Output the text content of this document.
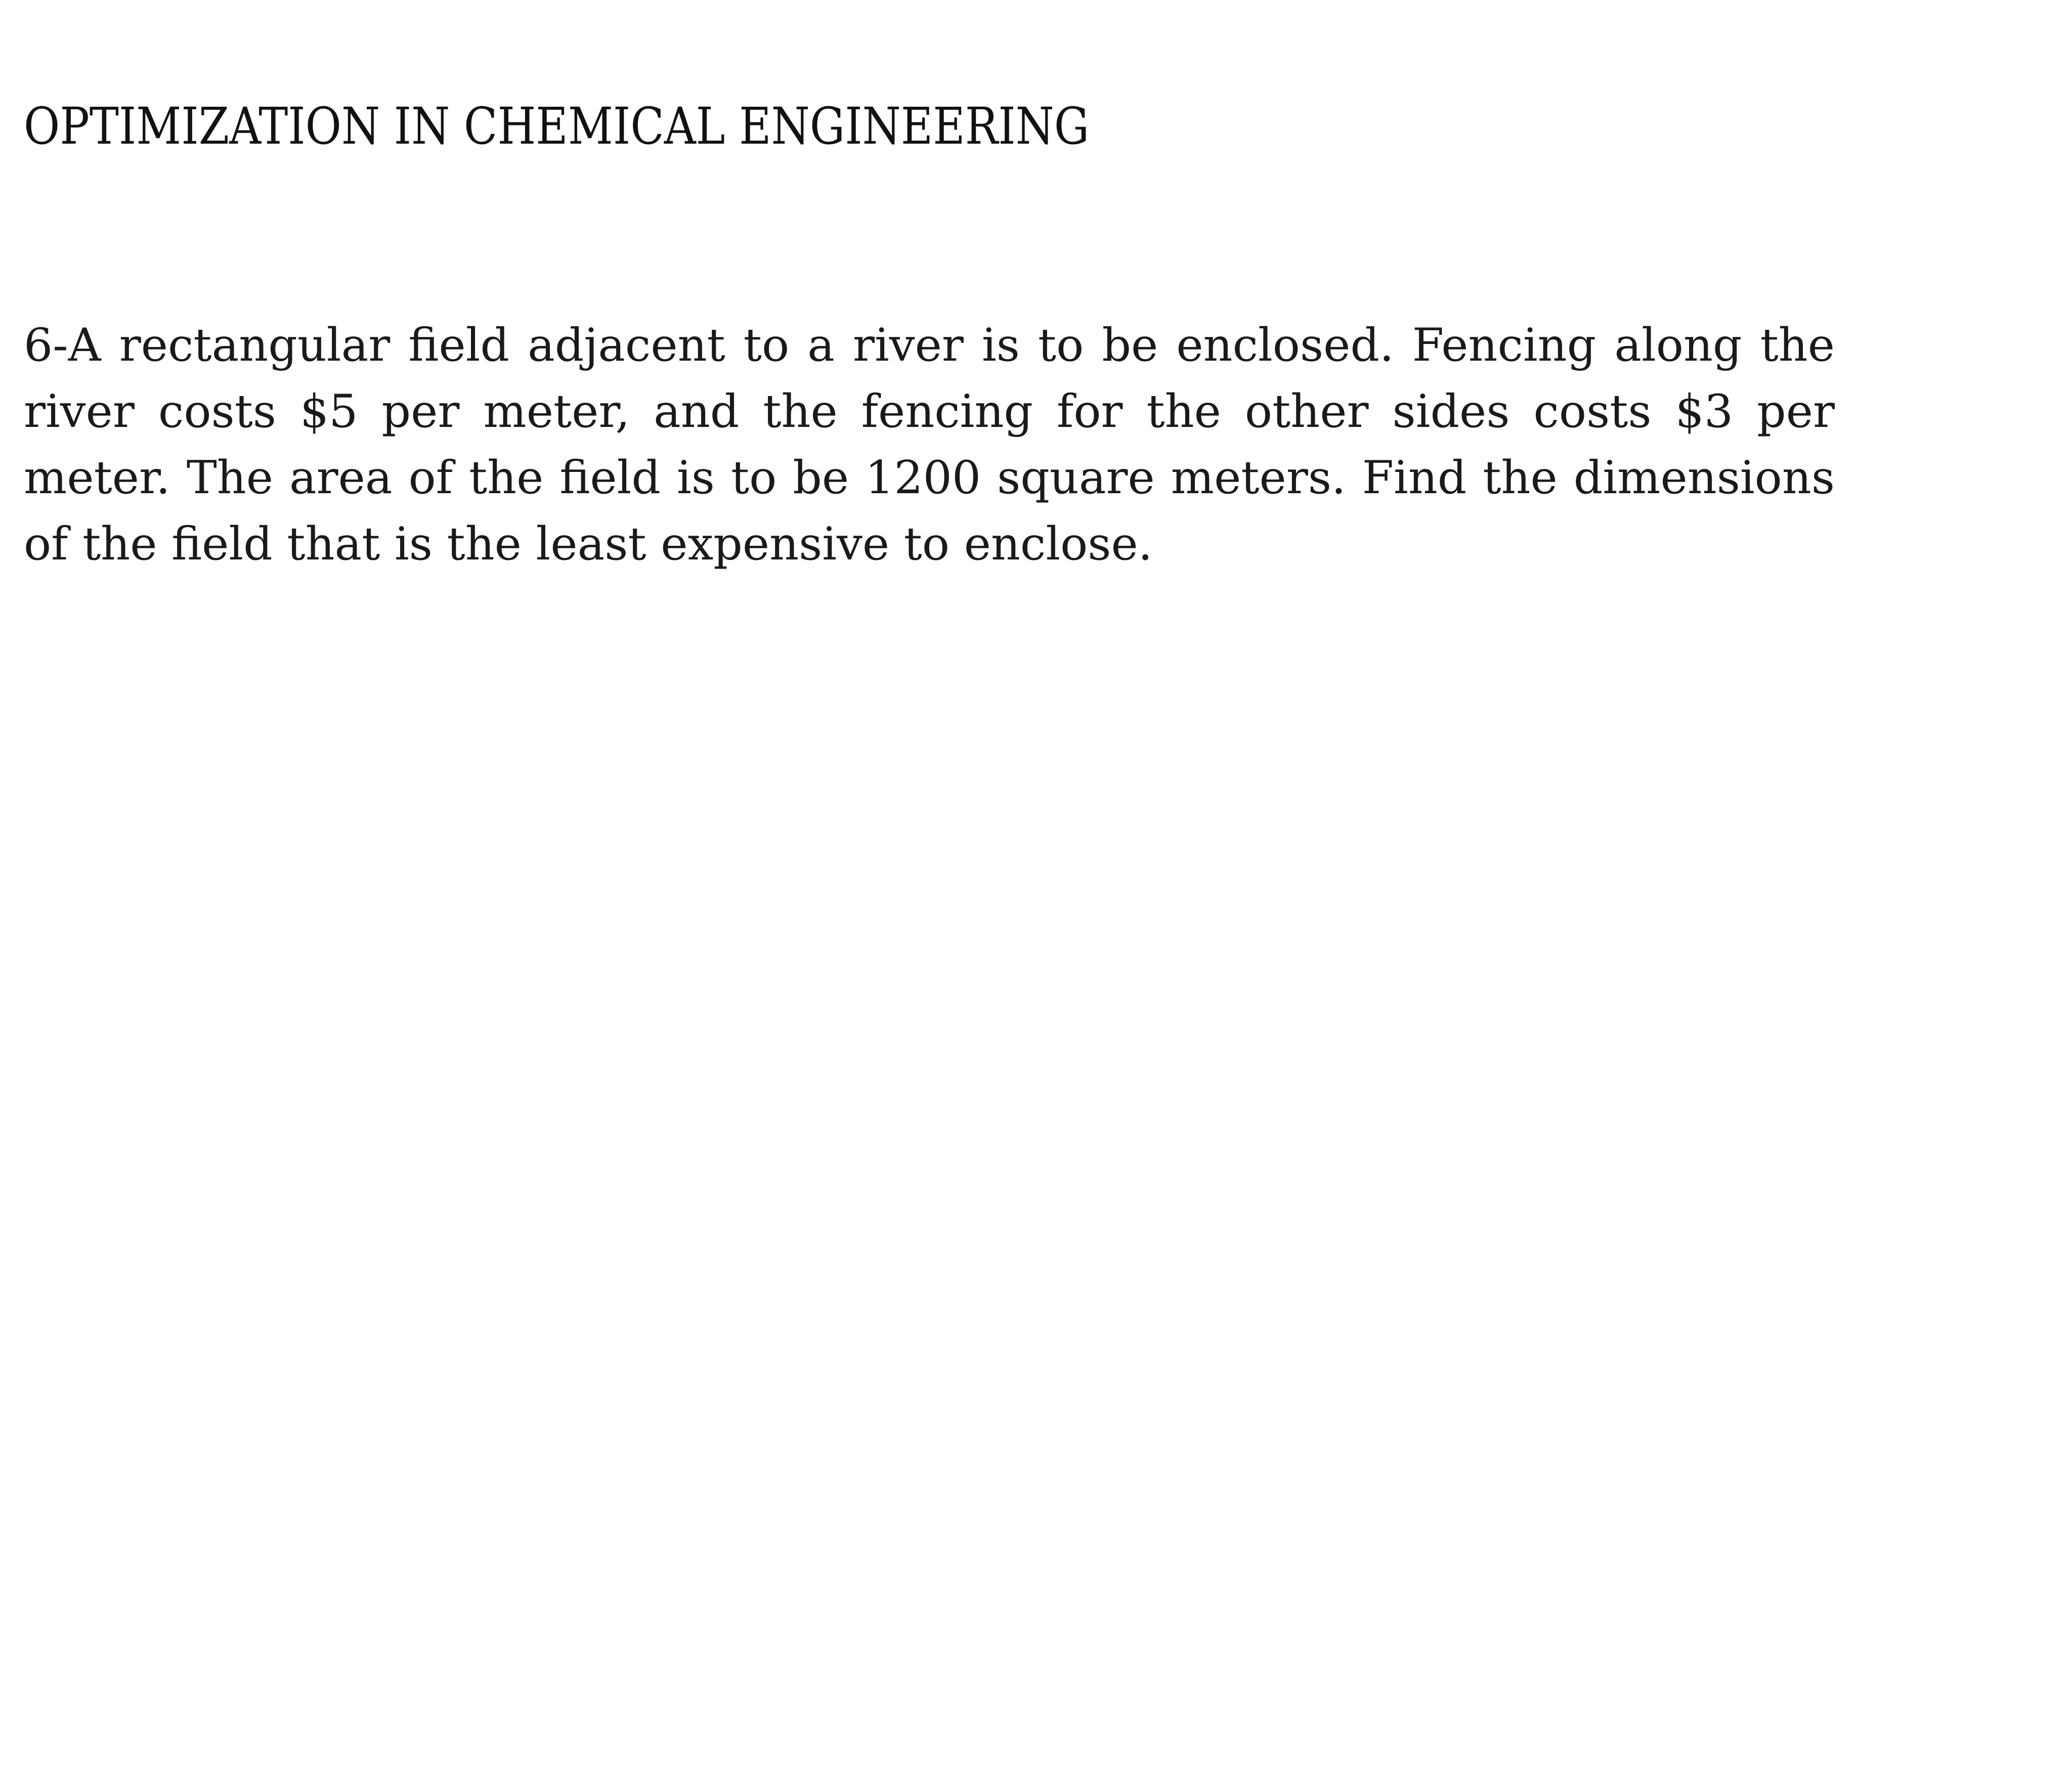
OPTIMIZATION IN CHEMICAL ENGINEERING
6-A rectangular field adjacent to a river is to be enclosed. Fencing along the
river costs $5 per meter, and the fencing for the other sides costs $3 per
meter. The area of the field is to be 1200 square meters. Find the dimensions
of the field that is the least expensive to enclose.
